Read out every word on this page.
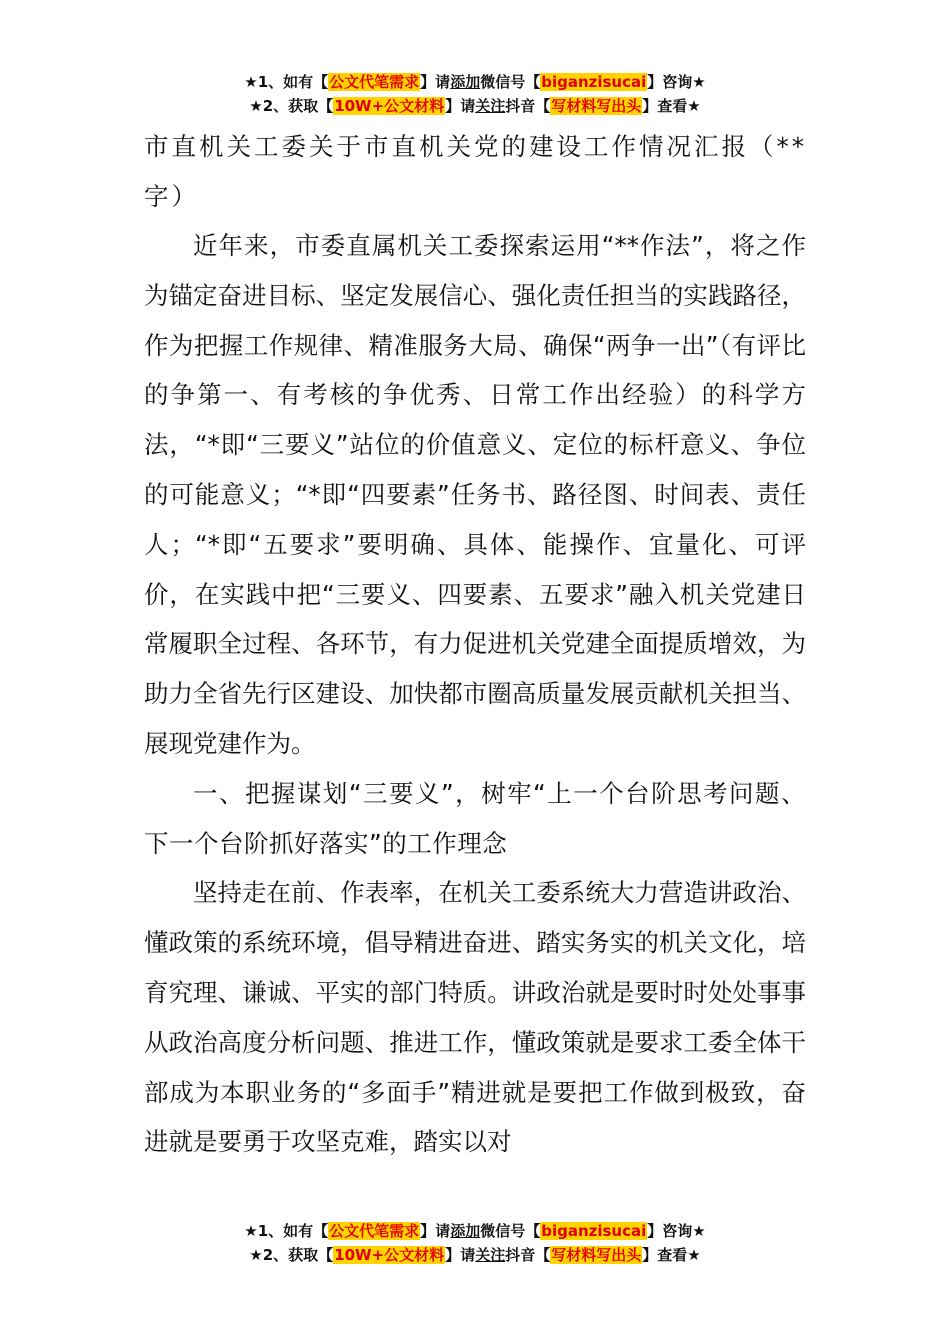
★1、如有【公文代笔需求】请添加微信号【biganzisucai】咨询★
★2、获取【10W+公文材料】请关注抖音【写材料写出头】查看★
市直机关工委关于市直机关党的建设工作情况汇报（**字）

近年来，市委直属机关工委探索运用“**作法”，将之作为锚定奋进目标、坚定发展信心、强化责任担当的实践路径，作为把握工作规律、精准服务大局、确保“两争一出”（有评比的争第一、有考核的争优秀、日常工作出经验）的科学方法，“*即“三要义”站位的价值意义、定位的标杆意义、争位的可能意义；“*即“四要素”任务书、路径图、时间表、责任人；“*即“五要求”要明确、具体、能操作、宜量化、可评价，在实践中把“三要义、四要素、五要求”融入机关党建日常履职全过程、各环节，有力促进机关党建全面提质增效，为助力全省先行区建设、加快都市圈高质量发展贡献机关担当、展现党建作为。

一、把握谋划“三要义”，树牢“上一个台阶思考问题、下一个台阶抓好落实”的工作理念

坚持走在前、作表率，在机关工委系统大力营造讲政治、懂政策的系统环境，倡导精进奋进、踏实务实的机关文化，培育究理、谦诚、平实的部门特质。讲政治就是要时时处处事事从政治高度分析问题、推进工作，懂政策就是要求工委全体干部成为本职业务的“多面手”精进就是要把工作做到极致，奋进就是要勇于攻坚克难，踏实以对

★1、如有【公文代笔需求】请添加微信号【biganzisucai】咨询★
★2、获取【10W+公文材料】请关注抖音【写材料写出头】查看★
